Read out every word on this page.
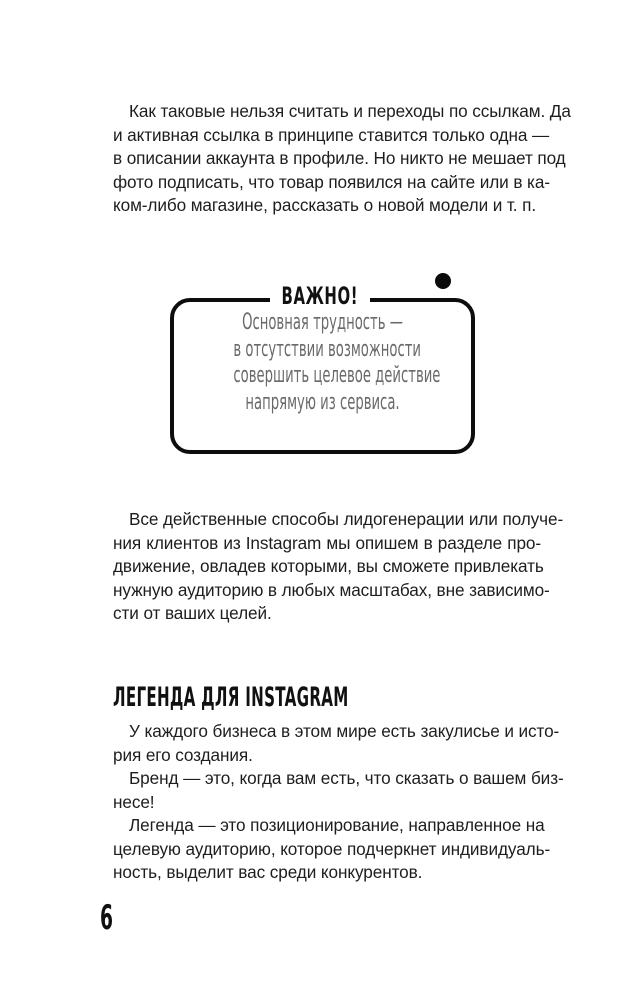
Как таковые нельзя считать и переходы по ссылкам. Да
и активная ссылка в принципе ставится только одна —
в описании аккаунта в профиле. Но никто не мешает под
фото подписать, что товар появился на сайте или в ка-
ком-либо магазине, рассказать о новой модели и т. п.
ВАЖНО!
Основная трудность —
в отсутствии возможности
совершить целевое действие
напрямую из сервиса.
Все действенные способы лидогенерации или получе-
ния клиентов из Instagram мы опишем в разделе про-
движение, овладев которыми, вы сможете привлекать
нужную аудиторию в любых масштабах, вне зависимо-
сти от ваших целей.
ЛЕГЕНДА ДЛЯ INSTAGRAM
У каждого бизнеса в этом мире есть закулисье и исто-
рия его создания.
Бренд — это, когда вам есть, что сказать о вашем биз-
несе!
Легенда — это позиционирование, направленное на
целевую аудиторию, которое подчеркнет индивидуаль-
ность, выделит вас среди конкурентов.
6
